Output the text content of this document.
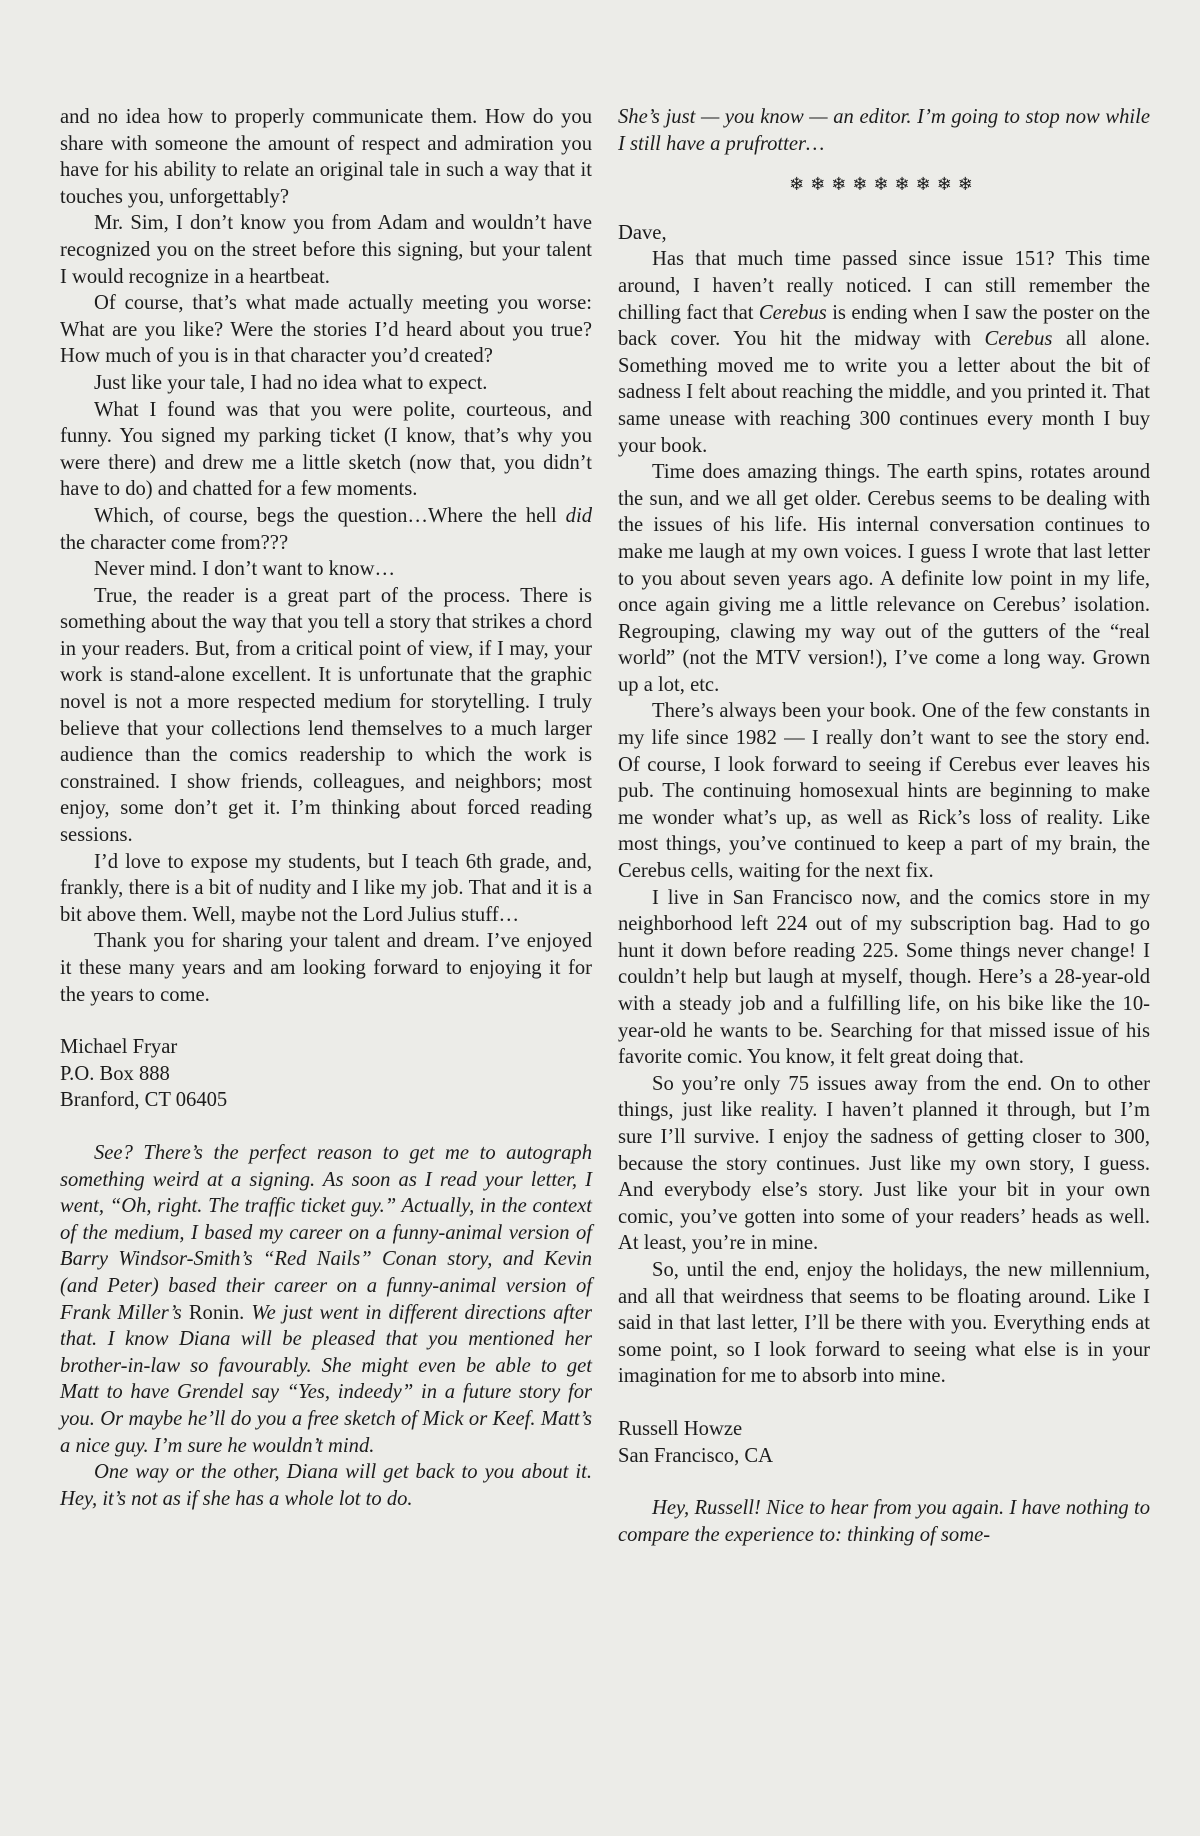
and no idea how to properly communicate them. How do you share with someone the amount of respect and admiration you have for his ability to relate an original tale in such a way that it touches you, unforgettably?

Mr. Sim, I don’t know you from Adam and wouldn’t have recognized you on the street before this signing, but your talent I would recognize in a heartbeat.

Of course, that’s what made actually meeting you worse: What are you like? Were the stories I’d heard about you true? How much of you is in that character you’d created?

Just like your tale, I had no idea what to expect.

What I found was that you were polite, courteous, and funny. You signed my parking ticket (I know, that’s why you were there) and drew me a little sketch (now that, you didn’t have to do) and chatted for a few moments.

Which, of course, begs the question…Where the hell did the character come from???

Never mind. I don’t want to know…

True, the reader is a great part of the process. There is something about the way that you tell a story that strikes a chord in your readers. But, from a critical point of view, if I may, your work is stand-alone excellent. It is unfortunate that the graphic novel is not a more respected medium for storytelling. I truly believe that your collections lend themselves to a much larger audience than the comics readership to which the work is constrained. I show friends, colleagues, and neighbors; most enjoy, some don’t get it. I’m thinking about forced reading sessions.

I’d love to expose my students, but I teach 6th grade, and, frankly, there is a bit of nudity and I like my job. That and it is a bit above them. Well, maybe not the Lord Julius stuff…

Thank you for sharing your talent and dream. I’ve enjoyed it these many years and am looking forward to enjoying it for the years to come.

Michael Fryar

P.O. Box 888

Branford, CT 06405

See? There’s the perfect reason to get me to autograph something weird at a signing. As soon as I read your letter, I went, “Oh, right. The traffic ticket guy.” Actually, in the context of the medium, I based my career on a funny-animal version of Barry Windsor-Smith’s “Red Nails” Conan story, and Kevin (and Peter) based their career on a funny-animal version of Frank Miller’s Ronin. We just went in different directions after that. I know Diana will be pleased that you mentioned her brother-in-law so favourably. She might even be able to get Matt to have Grendel say “Yes, indeedy” in a future story for you. Or maybe he’ll do you a free sketch of Mick or Keef. Matt’s a nice guy. I’m sure he wouldn’t mind.

One way or the other, Diana will get back to you about it. Hey, it’s not as if she has a whole lot to do.

She’s just — you know — an editor. I’m going to stop now while I still have a prufrotter…

❄❄❄❄❄❄❄❄❄

Dave,

Has that much time passed since issue 151? This time around, I haven’t really noticed. I can still remember the chilling fact that Cerebus is ending when I saw the poster on the back cover. You hit the midway with Cerebus all alone. Something moved me to write you a letter about the bit of sadness I felt about reaching the middle, and you printed it. That same unease with reaching 300 continues every month I buy your book.

Time does amazing things. The earth spins, rotates around the sun, and we all get older. Cerebus seems to be dealing with the issues of his life. His internal conversation continues to make me laugh at my own voices. I guess I wrote that last letter to you about seven years ago. A definite low point in my life, once again giving me a little relevance on Cerebus’ isolation. Regrouping, clawing my way out of the gutters of the “real world” (not the MTV version!), I’ve come a long way. Grown up a lot, etc.

There’s always been your book. One of the few constants in my life since 1982 — I really don’t want to see the story end. Of course, I look forward to seeing if Cerebus ever leaves his pub. The continuing homosexual hints are beginning to make me wonder what’s up, as well as Rick’s loss of reality. Like most things, you’ve continued to keep a part of my brain, the Cerebus cells, waiting for the next fix.

I live in San Francisco now, and the comics store in my neighborhood left 224 out of my subscription bag. Had to go hunt it down before reading 225. Some things never change! I couldn’t help but laugh at myself, though. Here’s a 28-year-old with a steady job and a fulfilling life, on his bike like the 10-year-old he wants to be. Searching for that missed issue of his favorite comic. You know, it felt great doing that.

So you’re only 75 issues away from the end. On to other things, just like reality. I haven’t planned it through, but I’m sure I’ll survive. I enjoy the sadness of getting closer to 300, because the story continues. Just like my own story, I guess. And everybody else’s story. Just like your bit in your own comic, you’ve gotten into some of your readers’ heads as well. At least, you’re in mine.

So, until the end, enjoy the holidays, the new millennium, and all that weirdness that seems to be floating around. Like I said in that last letter, I’ll be there with you. Everything ends at some point, so I look forward to seeing what else is in your imagination for me to absorb into mine.

Russell Howze

San Francisco, CA

Hey, Russell! Nice to hear from you again. I have nothing to compare the experience to: thinking of some-
